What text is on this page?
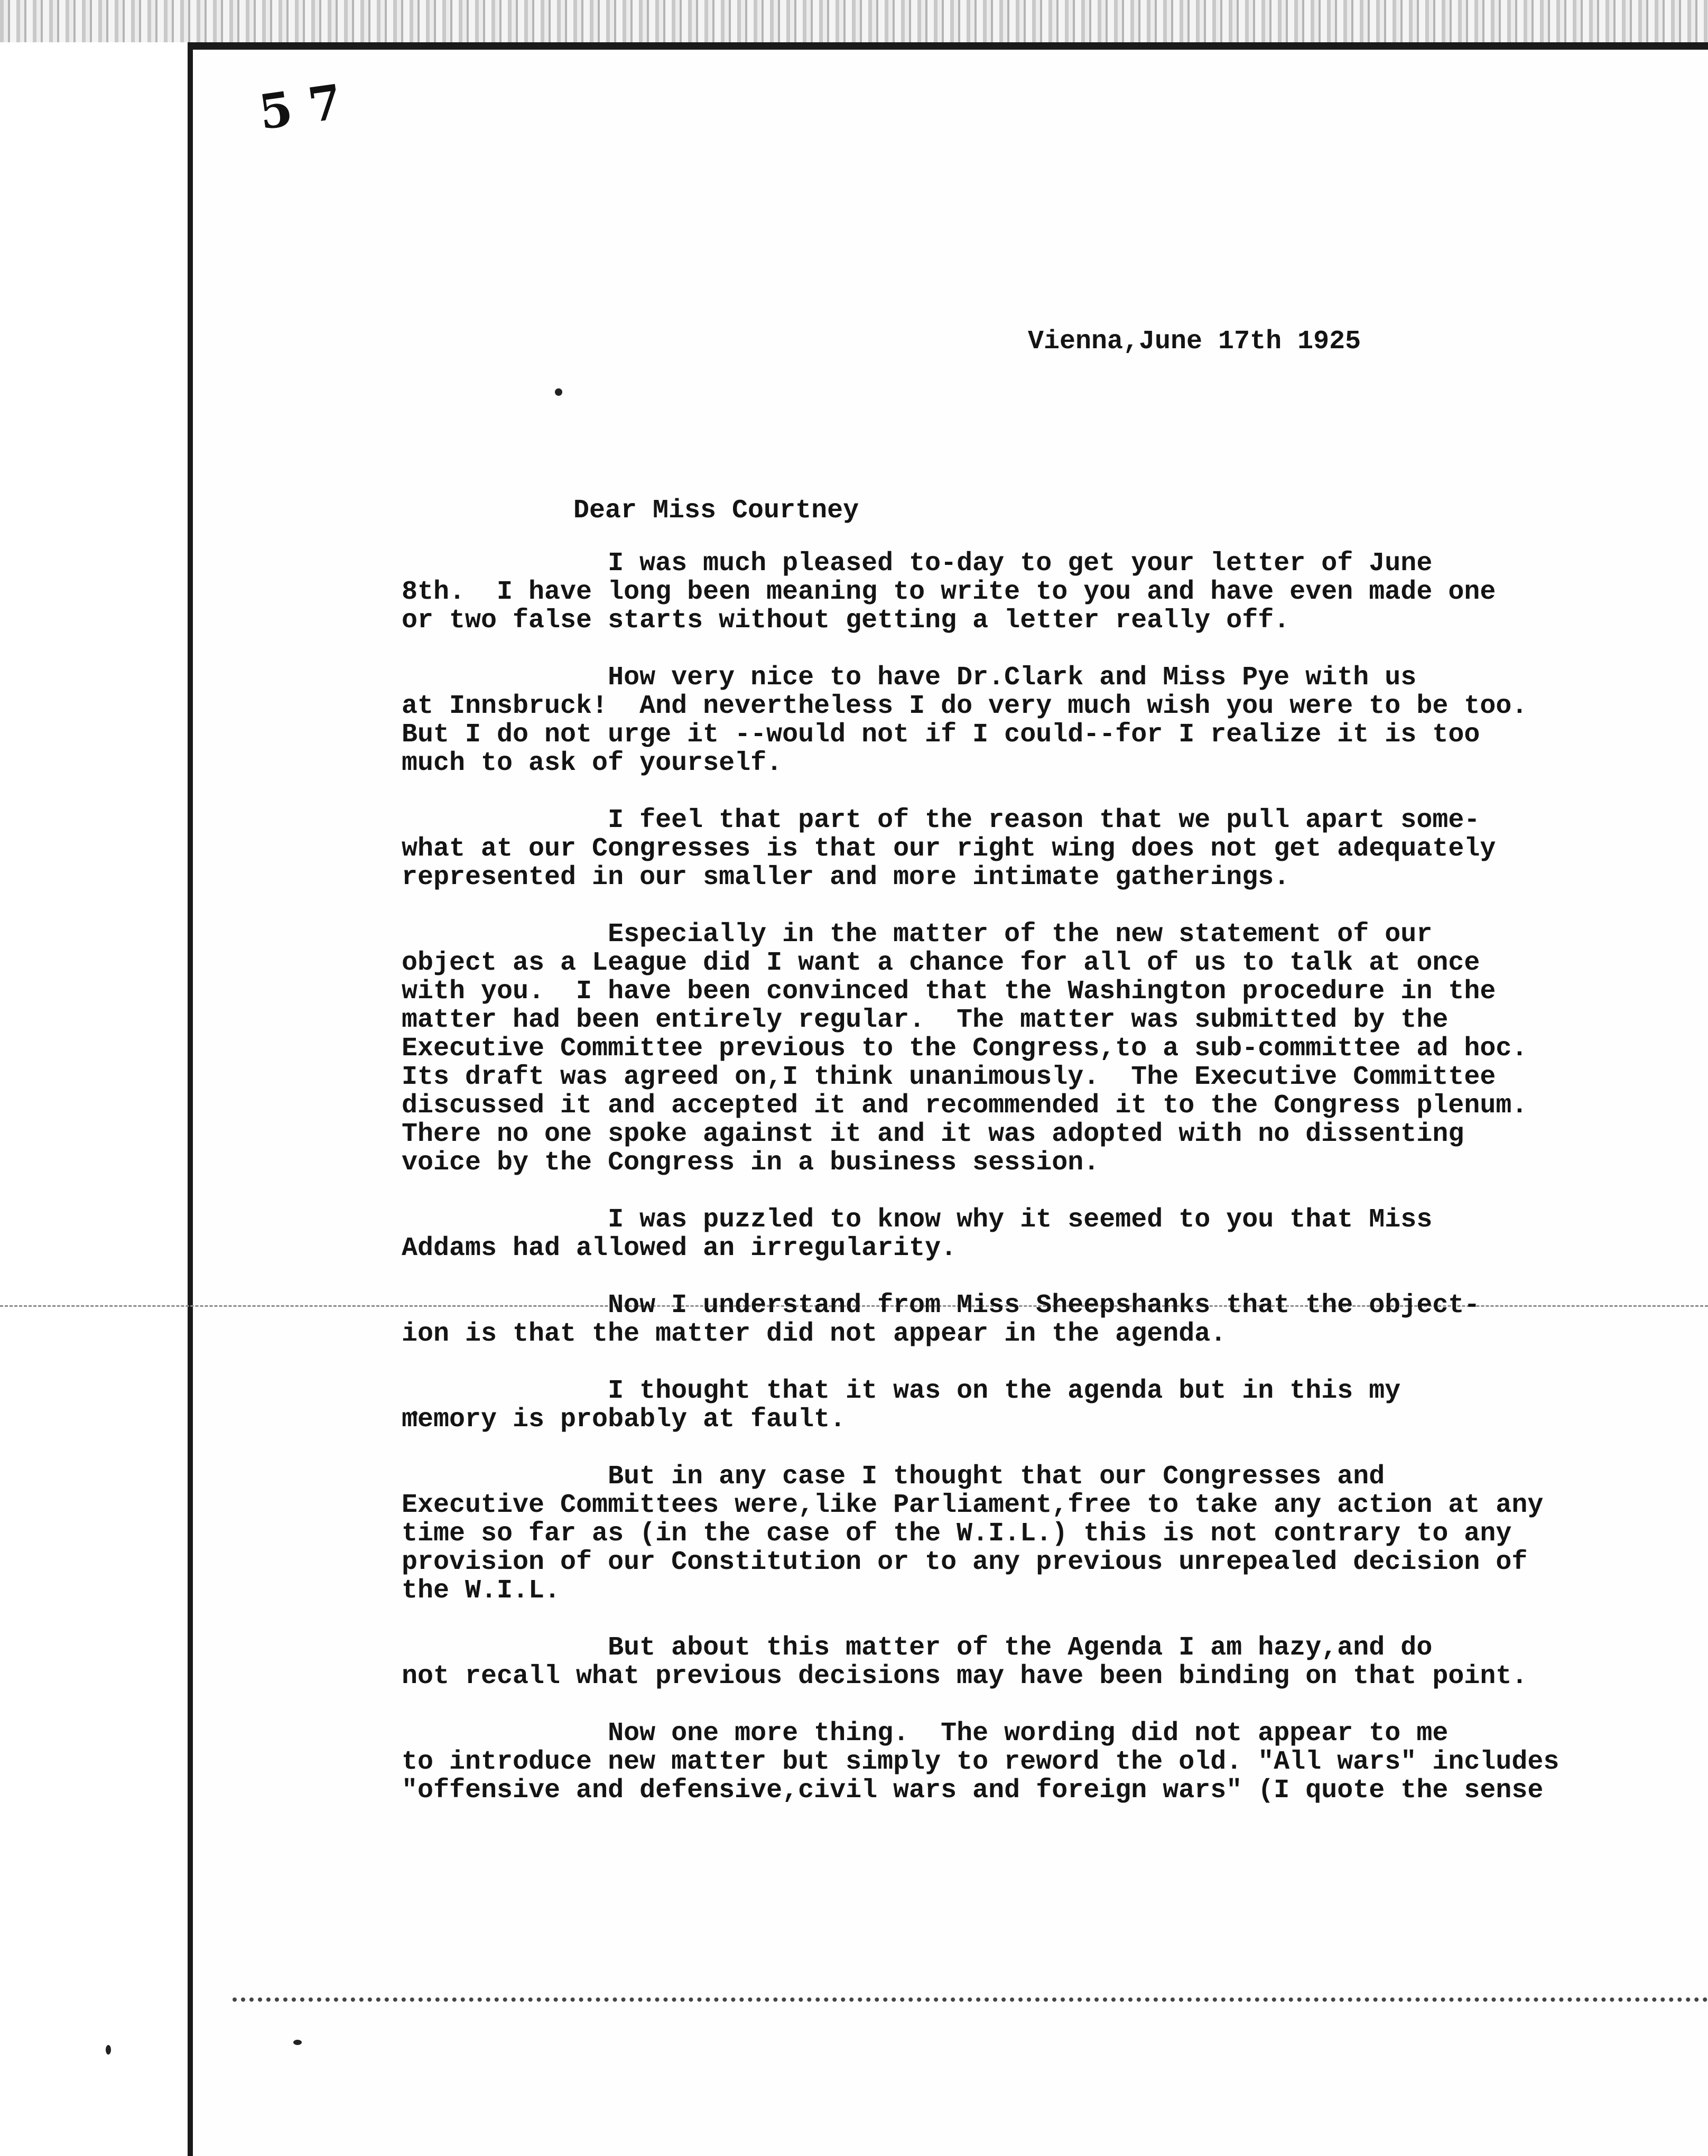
5 7
Vienna,June 17th 1925
Dear Miss Courtney
I was much pleased to-day to get your letter of June
8th.  I have long been meaning to write to you and have even made one
or two false starts without getting a letter really off.
How very nice to have Dr.Clark and Miss Pye with us
at Innsbruck!  And nevertheless I do very much wish you were to be too.
But I do not urge it --would not if I could--for I realize it is too
much to ask of yourself.
I feel that part of the reason that we pull apart some-
what at our Congresses is that our right wing does not get adequately
represented in our smaller and more intimate gatherings.
Especially in the matter of the new statement of our
object as a League did I want a chance for all of us to talk at once
with you.  I have been convinced that the Washington procedure in the
matter had been entirely regular.  The matter was submitted by the
Executive Committee previous to the Congress,to a sub-committee ad hoc.
Its draft was agreed on,I think unanimously.  The Executive Committee
discussed it and accepted it and recommended it to the Congress plenum.
There no one spoke against it and it was adopted with no dissenting
voice by the Congress in a business session.
I was puzzled to know why it seemed to you that Miss
Addams had allowed an irregularity.
Now I understand from Miss Sheepshanks that the object-
ion is that the matter did not appear in the agenda.
I thought that it was on the agenda but in this my
memory is probably at fault.
But in any case I thought that our Congresses and
Executive Committees were,like Parliament,free to take any action at any
time so far as (in the case of the W.I.L.) this is not contrary to any
provision of our Constitution or to any previous unrepealed decision of
the W.I.L.
But about this matter of the Agenda I am hazy,and do
not recall what previous decisions may have been binding on that point.
Now one more thing.  The wording did not appear to me
to introduce new matter but simply to reword the old. "All wars" includes
"offensive and defensive,civil wars and foreign wars" (I quote the sense
